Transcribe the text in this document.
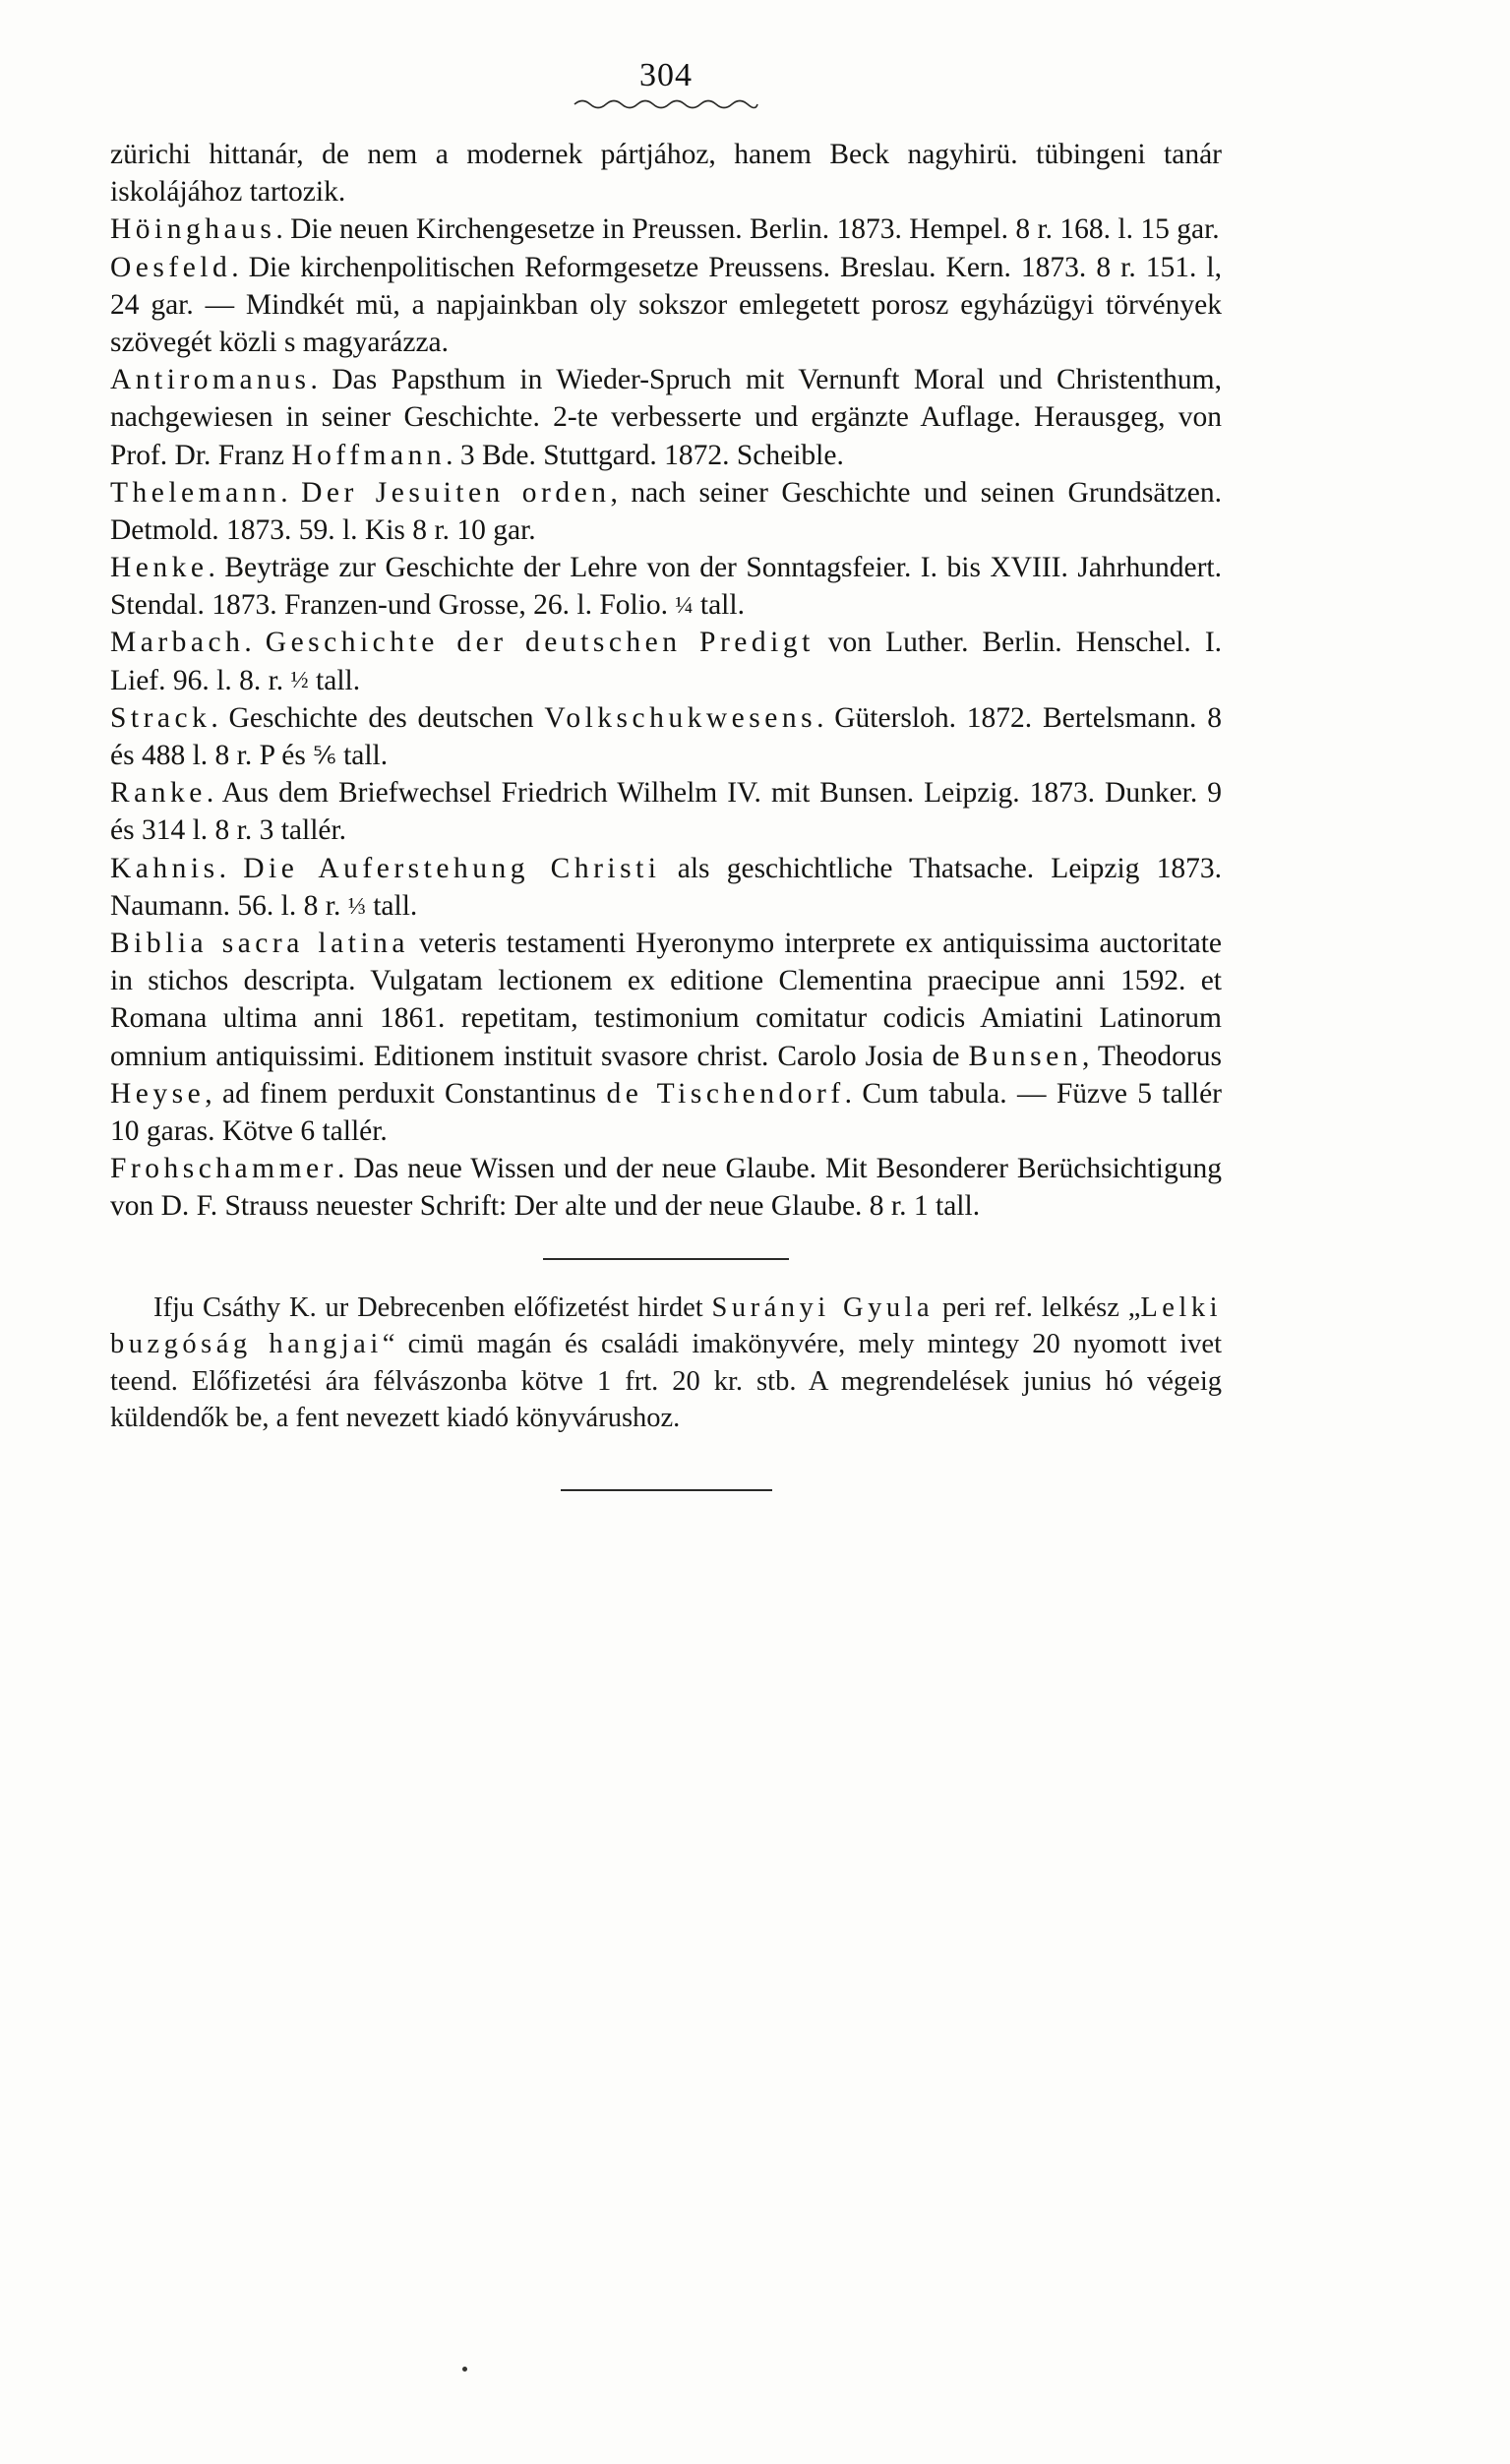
304

zürichi hittanár, de nem a modernek pártjához, hanem Beck nagyhirü. tübingeni tanár iskolájához tartozik.

Höinghaus. Die neuen Kirchengesetze in Preussen. Berlin. 1873. Hempel. 8 r. 168. l. 15 gar.

Oesfeld. Die kirchenpolitischen Reformgesetze Preussens. Breslau. Kern. 1873. 8 r. 151. l, 24 gar. — Mindkét mü, a napjainkban oly sokszor emlegetett porosz egyházügyi törvények szövegét közli s magyarázza.

Antiromanus. Das Papsthum in Wieder-Spruch mit Vernunft Moral und Christenthum, nachgewiesen in seiner Geschichte. 2-te verbesserte und ergänzte Auflage. Herausgeg, von Prof. Dr. Franz Hoffmann. 3 Bde. Stuttgard. 1872. Scheible.

Thelemann. Der Jesuiten orden, nach seiner Geschichte und seinen Grundsätzen. Detmold. 1873. 59. l. Kis 8 r. 10 gar.

Henke. Beyträge zur Geschichte der Lehre von der Sonntagsfeier. I. bis XVIII. Jahrhundert. Stendal. 1873. Franzen-und Grosse, 26. l. Folio. ¼ tall.

Marbach. Geschichte der deutschen Predigt von Luther. Berlin. Henschel. I. Lief. 96. l. 8. r. ½ tall.

Strack. Geschichte des deutschen Volkschukwesens. Gütersloh. 1872. Bertelsmann. 8 és 488 l. 8 r. P és ⅚ tall.

Ranke. Aus dem Briefwechsel Friedrich Wilhelm IV. mit Bunsen. Leipzig. 1873. Dunker. 9 és 314 l. 8 r. 3 tallér.

Kahnis. Die Auferstehung Christi als geschichtliche Thatsache. Leipzig 1873. Naumann. 56. l. 8 r. ⅓ tall.

Biblia sacra latina veteris testamenti Hyeronymo interprete ex antiquissima auctoritate in stichos descripta. Vulgatam lectionem ex editione Clementina praecipue anni 1592. et Romana ultima anni 1861. repetitam, testimonium comitatur codicis Amiatini Latinorum omnium antiquissimi. Editionem instituit svasore christ. Carolo Josia de Bunsen, Theodorus Heyse, ad finem perduxit Constantinus de Tischendorf. Cum tabula. — Füzve 5 tallér 10 garas. Kötve 6 tallér.

Frohschammer. Das neue Wissen und der neue Glaube. Mit Besonderer Berüchsichtigung von D. F. Strauss neuester Schrift: Der alte und der neue Glaube. 8 r. 1 tall.

Ifju Csáthy K. ur Debrecenben előfizetést hirdet Surányi Gyula peri ref. lelkész „Lelki buzgóság hangjai“ cimü magán és családi imakönyvére, mely mintegy 20 nyomott ivet teend. Előfizetési ára félvászonba kötve 1 frt. 20 kr. stb. A megrendelések junius hó végeig küldendők be, a fent nevezett kiadó könyvárushoz.
